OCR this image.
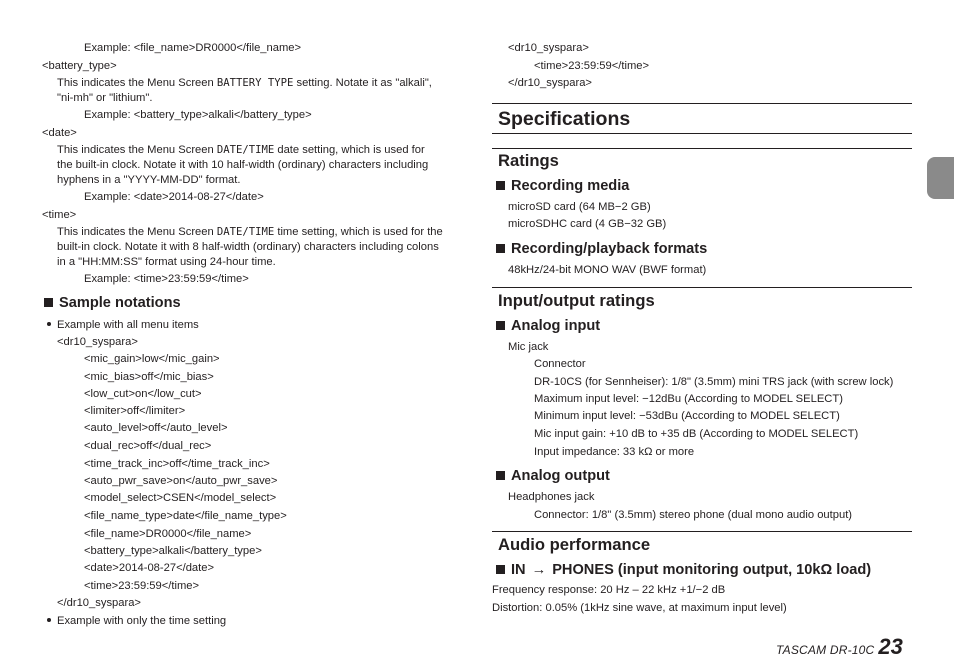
Example: <file_name>DR0000</file_name>
<battery_type>
This indicates the Menu Screen BATTERY TYPE setting. Notate it as "alkali",
"ni-mh" or "lithium".
Example: <battery_type>alkali</battery_type>
<date>
This indicates the Menu Screen DATE/TIME date setting, which is used for
the built-in clock. Notate it with 10 half-width (ordinary) characters including
hyphens in a "YYYY-MM-DD" format.
Example: <date>2014-08-27</date>
<time>
This indicates the Menu Screen DATE/TIME time setting, which is used for the
built-in clock. Notate it with 8 half-width (ordinary) characters including colons
in a "HH:MM:SS" format using 24-hour time.
Example: <time>23:59:59</time>
Sample notations
Example with all menu items
<dr10_syspara>
<mic_gain>low</mic_gain>
<mic_bias>off</mic_bias>
<low_cut>on</low_cut>
<limiter>off</limiter>
<auto_level>off</auto_level>
<dual_rec>off</dual_rec>
<time_track_inc>off</time_track_inc>
<auto_pwr_save>on</auto_pwr_save>
<model_select>CSEN</model_select>
<file_name_type>date</file_name_type>
<file_name>DR0000</file_name>
<battery_type>alkali</battery_type>
<date>2014-08-27</date>
<time>23:59:59</time>
</dr10_syspara>
Example with only the time setting
<dr10_syspara>
<time>23:59:59</time>
</dr10_syspara>
Specifications
Ratings
Recording media
microSD card (64 MB−2 GB)
microSDHC card (4 GB−32 GB)
Recording/playback formats
48kHz/24-bit MONO WAV (BWF format)
Input/output ratings
Analog input
Mic jack
Connector
DR-10CS (for Sennheiser): 1/8" (3.5mm) mini TRS jack (with screw lock)
Maximum input level: −12dBu (According to MODEL SELECT)
Minimum input level: −53dBu (According to MODEL SELECT)
Mic input gain: +10 dB to +35 dB (According to MODEL SELECT)
Input impedance: 33 kΩ or more
Analog output
Headphones jack
Connector: 1/8" (3.5mm) stereo phone (dual mono audio output)
Audio performance
IN → PHONES (input monitoring output, 10kΩ load)
Frequency response: 20 Hz – 22 kHz +1/−2 dB
Distortion: 0.05% (1kHz sine wave, at maximum input level)
TASCAM DR-10C 23
